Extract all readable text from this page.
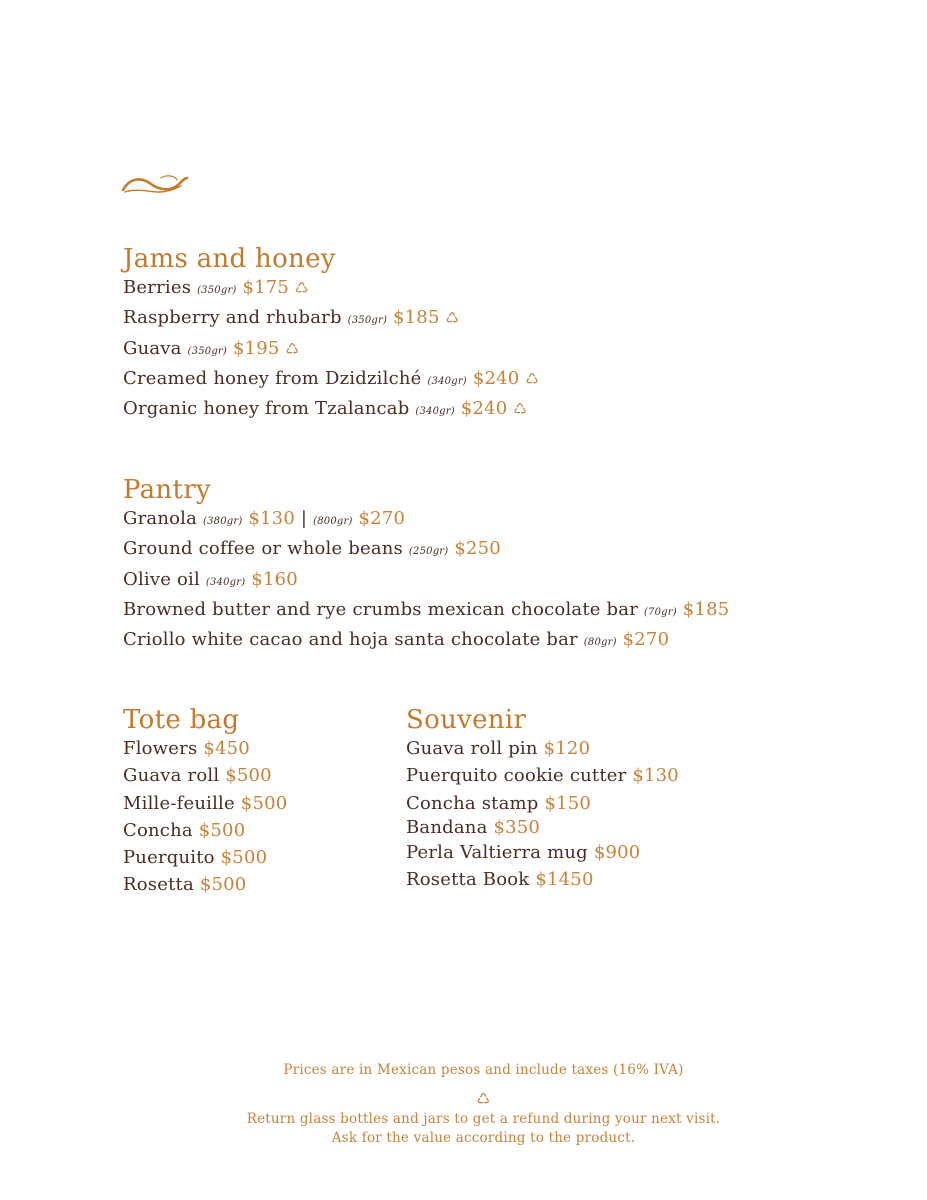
Jams and honey
Berries (350gr) $175 ♺
Raspberry and rhubarb (350gr) $185 ♺
Guava (350gr) $195 ♺
Creamed honey from Dzidzilché (340gr) $240 ♺
Organic honey from Tzalancab (340gr) $240 ♺
Pantry
Granola (380gr) $130 | (800gr) $270
Ground coffee or whole beans (250gr) $250
Olive oil (340gr) $160
Browned butter and rye crumbs mexican chocolate bar (70gr) $185
Criollo white cacao and hoja santa chocolate bar (80gr) $270
Tote bag
Flowers $450
Guava roll $500
Mille-feuille $500
Concha $500
Puerquito $500
Rosetta $500
Souvenir
Guava roll pin $120
Puerquito cookie cutter $130
Concha stamp $150
Bandana $350
Perla Valtierra mug $900
Rosetta Book $1450
Prices are in Mexican pesos and include taxes (16% IVA)
♺
Return glass bottles and jars to get a refund during your next visit.
Ask for the value according to the product.
